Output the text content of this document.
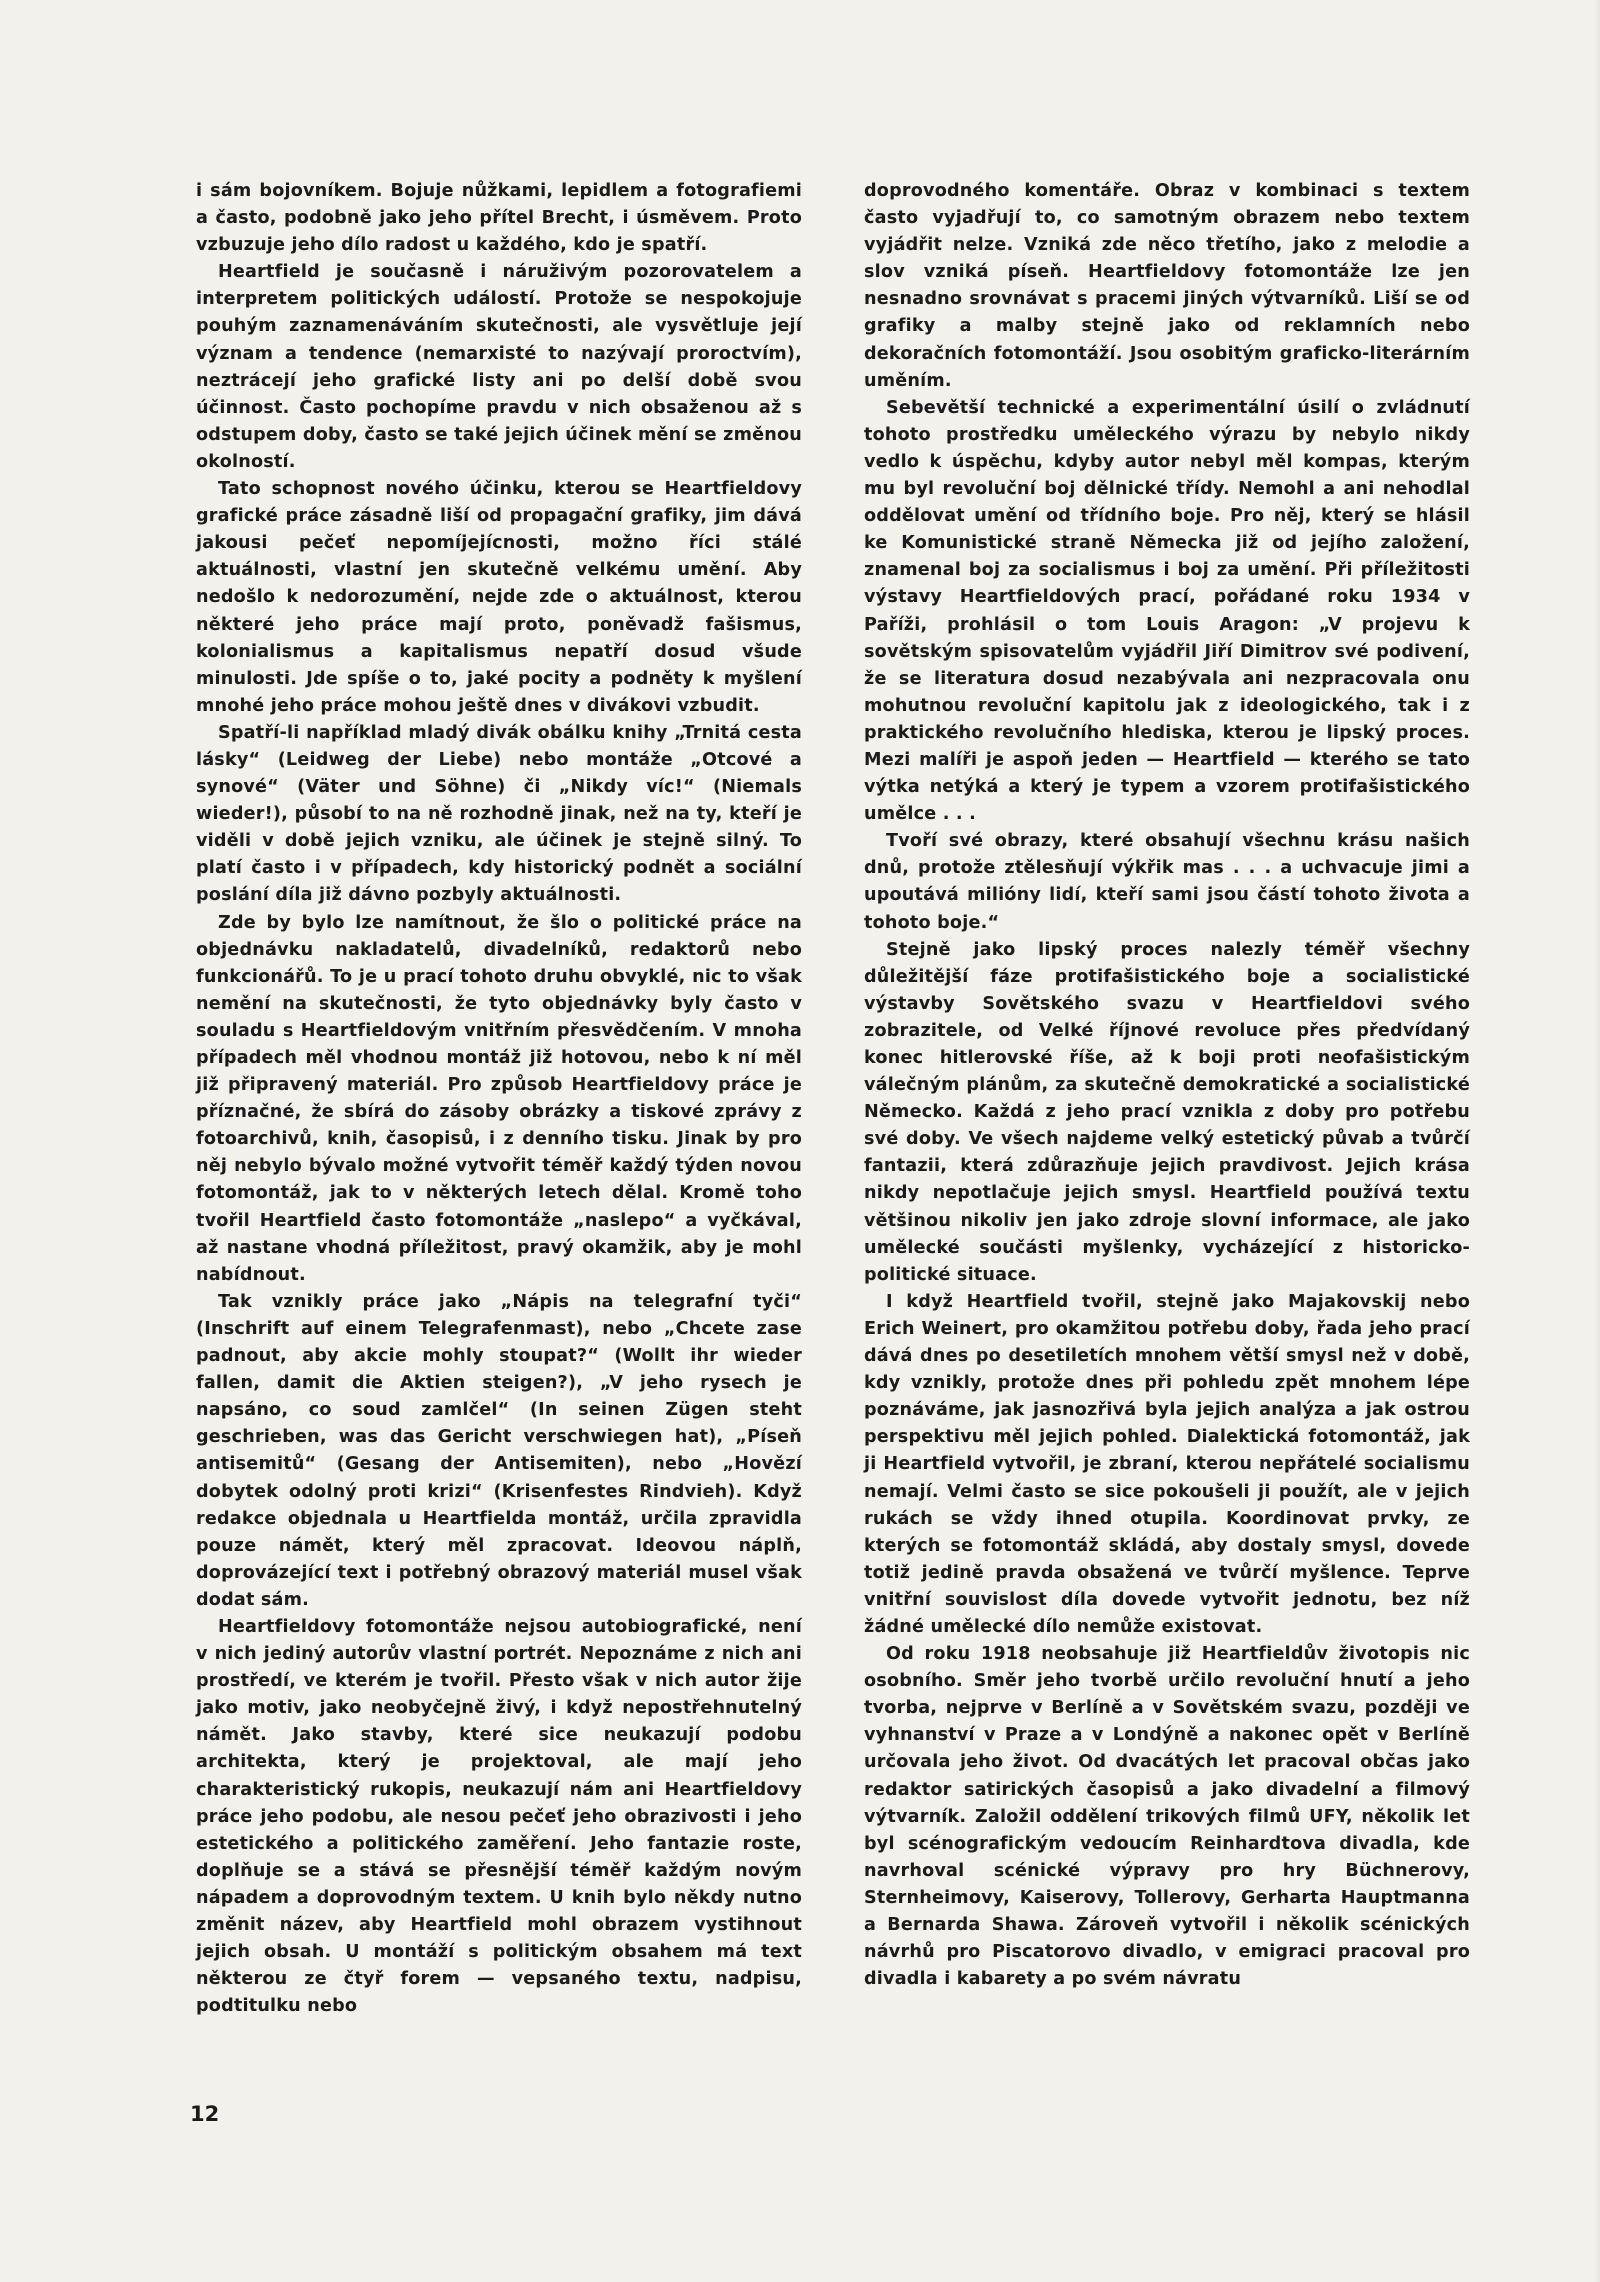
i sám bojovníkem. Bojuje nůžkami, lepidlem a fotografiemi a často, podobně jako jeho přítel Brecht, i úsměvem. Proto vzbuzuje jeho dílo radost u každého, kdo je spatří.

Heartfield je současně i náruživým pozorovatelem a interpretem politických událostí. Protože se nespokojuje pouhým zaznamenáváním skutečnosti, ale vysvětluje její význam a tendence (nemarxisté to nazývají proroctvím), neztrácejí jeho grafické listy ani po delší době svou účinnost. Často pochopíme pravdu v nich obsaženou až s odstupem doby, často se také jejich účinek mění se změnou okolností.

Tato schopnost nového účinku, kterou se Heartfieldovy grafické práce zásadně liší od propagační grafiky, jim dává jakousi pečeť nepomíjejícnosti, možno říci stálé aktuálnosti, vlastní jen skutečně velkému umění. Aby nedošlo k nedorozumění, nejde zde o aktuálnost, kterou některé jeho práce mají proto, poněvadž fašismus, kolonialismus a kapitalismus nepatří dosud všude minulosti. Jde spíše o to, jaké pocity a podněty k myšlení mnohé jeho práce mohou ještě dnes v divákovi vzbudit.

Spatří-li například mladý divák obálku knihy „Trnitá cesta lásky“ (Leidweg der Liebe) nebo montáže „Otcové a synové“ (Väter und Söhne) či „Nikdy víc!“ (Niemals wieder!), působí to na ně rozhodně jinak, než na ty, kteří je viděli v době jejich vzniku, ale účinek je stejně silný. To platí často i v případech, kdy historický podnět a sociální poslání díla již dávno pozbyly aktuálnosti.

Zde by bylo lze namítnout, že šlo o politické práce na objednávku nakladatelů, divadelníků, redaktorů nebo funkcionářů. To je u prací tohoto druhu obvyklé, nic to však nemění na skutečnosti, že tyto objednávky byly často v souladu s Heartfieldovým vnitřním přesvědčením. V mnoha případech měl vhodnou montáž již hotovou, nebo k ní měl již připravený materiál. Pro způsob Heartfieldovy práce je příznačné, že sbírá do zásoby obrázky a tiskové zprávy z fotoarchivů, knih, časopisů, i z denního tisku. Jinak by pro něj nebylo bývalo možné vytvořit téměř každý týden novou fotomontáž, jak to v některých letech dělal. Kromě toho tvořil Heartfield často fotomontáže „naslepo“ a vyčkával, až nastane vhodná příležitost, pravý okamžik, aby je mohl nabídnout.

Tak vznikly práce jako „Nápis na telegrafní tyči“ (Inschrift auf einem Telegrafenmast), nebo „Chcete zase padnout, aby akcie mohly stoupat?“ (Wollt ihr wieder fallen, damit die Aktien steigen?), „V jeho rysech je napsáno, co soud zamlčel“ (In seinen Zügen steht geschrieben, was das Gericht verschwiegen hat), „Píseň antisemitů“ (Gesang der Antisemiten), nebo „Hovězí dobytek odolný proti krizi“ (Krisenfestes Rindvieh). Když redakce objednala u Heartfielda montáž, určila zpravidla pouze námět, který měl zpracovat. Ideovou náplň, doprovázející text i potřebný obrazový materiál musel však dodat sám.

Heartfieldovy fotomontáže nejsou autobiografické, není v nich jediný autorův vlastní portrét. Nepoznáme z nich ani prostředí, ve kterém je tvořil. Přesto však v nich autor žije jako motiv, jako neobyčejně živý, i když nepostřehnutelný námět. Jako stavby, které sice neukazují podobu architekta, který je projektoval, ale mají jeho charakteristický rukopis, neukazují nám ani Heartfieldovy práce jeho podobu, ale nesou pečeť jeho obrazivosti i jeho estetického a politického zaměření. Jeho fantazie roste, doplňuje se a stává se přesnější téměř každým novým nápadem a doprovodným textem. U knih bylo někdy nutno změnit název, aby Heartfield mohl obrazem vystihnout jejich obsah. U montáží s politickým obsahem má text některou ze čtyř forem — vepsaného textu, nadpisu, podtitulku nebo

doprovodného komentáře. Obraz v kombinaci s textem často vyjadřují to, co samotným obrazem nebo textem vyjádřit nelze. Vzniká zde něco třetího, jako z melodie a slov vzniká píseň. Heartfieldovy fotomontáže lze jen nesnadno srovnávat s pracemi jiných výtvarníků. Liší se od grafiky a malby stejně jako od reklamních nebo dekoračních fotomontáží. Jsou osobitým graficko-literárním uměním.

Sebevětší technické a experimentální úsilí o zvládnutí tohoto prostředku uměleckého výrazu by nebylo nikdy vedlo k úspěchu, kdyby autor nebyl měl kompas, kterým mu byl revoluční boj dělnické třídy. Nemohl a ani nehodlal oddělovat umění od třídního boje. Pro něj, který se hlásil ke Komunistické straně Německa již od jejího založení, znamenal boj za socialismus i boj za umění. Při příležitosti výstavy Heartfieldových prací, pořádané roku 1934 v Paříži, prohlásil o tom Louis Aragon: „V projevu k sovětským spisovatelům vyjádřil Jiří Dimitrov své podivení, že se literatura dosud nezabývala ani nezpracovala onu mohutnou revoluční kapitolu jak z ideologického, tak i z praktického revolučního hlediska, kterou je lipský proces. Mezi malíři je aspoň jeden — Heartfield — kterého se tato výtka netýká a který je typem a vzorem protifašistického umělce . . .

Tvoří své obrazy, které obsahují všechnu krásu našich dnů, protože ztělesňují výkřik mas . . . a uchvacuje jimi a upoutává milióny lidí, kteří sami jsou částí tohoto života a tohoto boje.“

Stejně jako lipský proces nalezly téměř všechny důležitější fáze protifašistického boje a socialistické výstavby Sovětského svazu v Heartfieldovi svého zobrazitele, od Velké říjnové revoluce přes předvídaný konec hitlerovské říše, až k boji proti neofašistickým válečným plánům, za skutečně demokratické a socialistické Německo. Každá z jeho prací vznikla z doby pro potřebu své doby. Ve všech najdeme velký estetický půvab a tvůrčí fantazii, která zdůrazňuje jejich pravdivost. Jejich krása nikdy nepotlačuje jejich smysl. Heartfield používá textu většinou nikoliv jen jako zdroje slovní informace, ale jako umělecké součásti myšlenky, vycházející z historicko-politické situace.

I když Heartfield tvořil, stejně jako Majakovskij nebo Erich Weinert, pro okamžitou potřebu doby, řada jeho prací dává dnes po desetiletích mnohem větší smysl než v době, kdy vznikly, protože dnes při pohledu zpět mnohem lépe poznáváme, jak jasnozřivá byla jejich analýza a jak ostrou perspektivu měl jejich pohled. Dialektická fotomontáž, jak ji Heartfield vytvořil, je zbraní, kterou nepřátelé socialismu nemají. Velmi často se sice pokoušeli ji použít, ale v jejich rukách se vždy ihned otupila. Koordinovat prvky, ze kterých se fotomontáž skládá, aby dostaly smysl, dovede totiž jedině pravda obsažená ve tvůrčí myšlence. Teprve vnitřní souvislost díla dovede vytvořit jednotu, bez níž žádné umělecké dílo nemůže existovat.

Od roku 1918 neobsahuje již Heartfieldův životopis nic osobního. Směr jeho tvorbě určilo revoluční hnutí a jeho tvorba, nejprve v Berlíně a v Sovětském svazu, později ve vyhnanství v Praze a v Londýně a nakonec opět v Berlíně určovala jeho život. Od dvacátých let pracoval občas jako redaktor satirických časopisů a jako divadelní a filmový výtvarník. Založil oddělení trikových filmů UFY, několik let byl scénografickým vedoucím Reinhardtova divadla, kde navrhoval scénické výpravy pro hry Büchnerovy, Sternheimovy, Kaiserovy, Tollerovy, Gerharta Hauptmanna a Bernarda Shawa. Zároveň vytvořil i několik scénických návrhů pro Piscatorovo divadlo, v emigraci pracoval pro divadla i kabarety a po svém návratu

12
